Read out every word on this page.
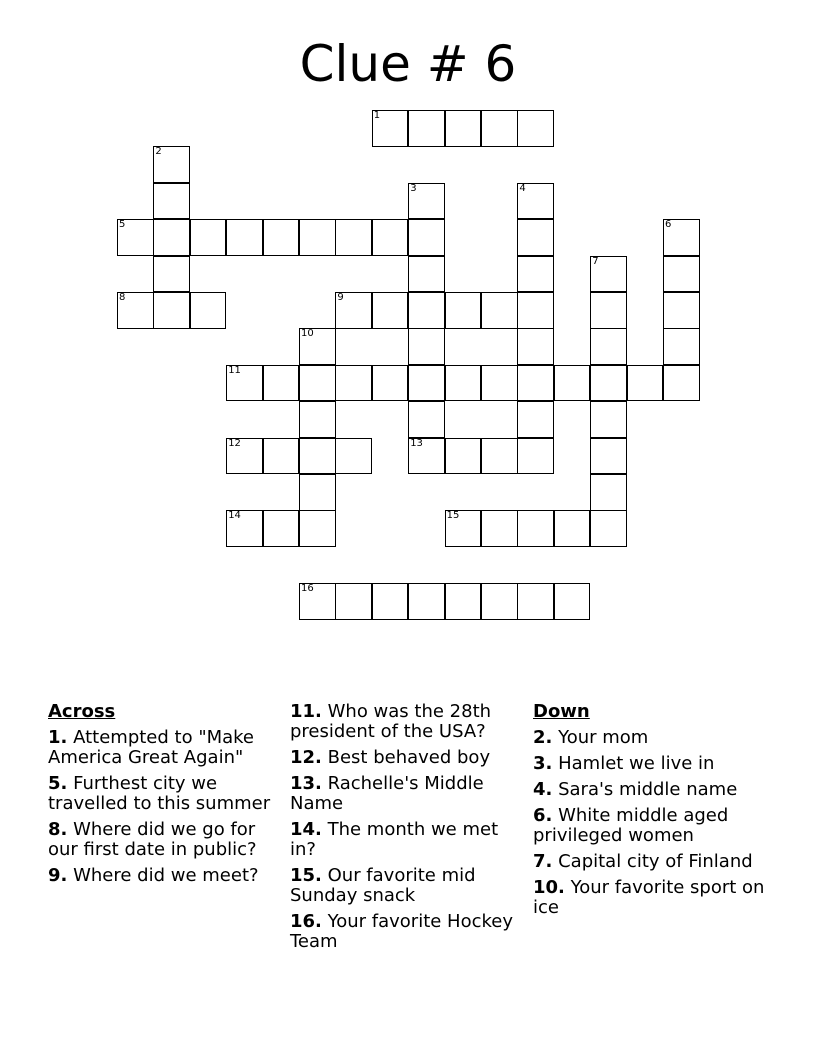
Clue # 6
1
2
3
13
4
5	6
7
8	9
10
11
12
14	15
16
Across
1. Attempted to "Make America Great Again"
5. Furthest city we travelled to this summer
8. Where did we go for our first date in public?
9. Where did we meet?
11. Who was the 28th president of the USA?
12. Best behaved boy
13. Rachelle's Middle Name
14. The month we met in?
15. Our favorite mid Sunday snack
16. Your favorite Hockey Team
Down
2. Your mom
3. Hamlet we live in
4. Sara's middle name
6. White middle aged privileged women
7. Capital city of Finland
10. Your favorite sport on ice
